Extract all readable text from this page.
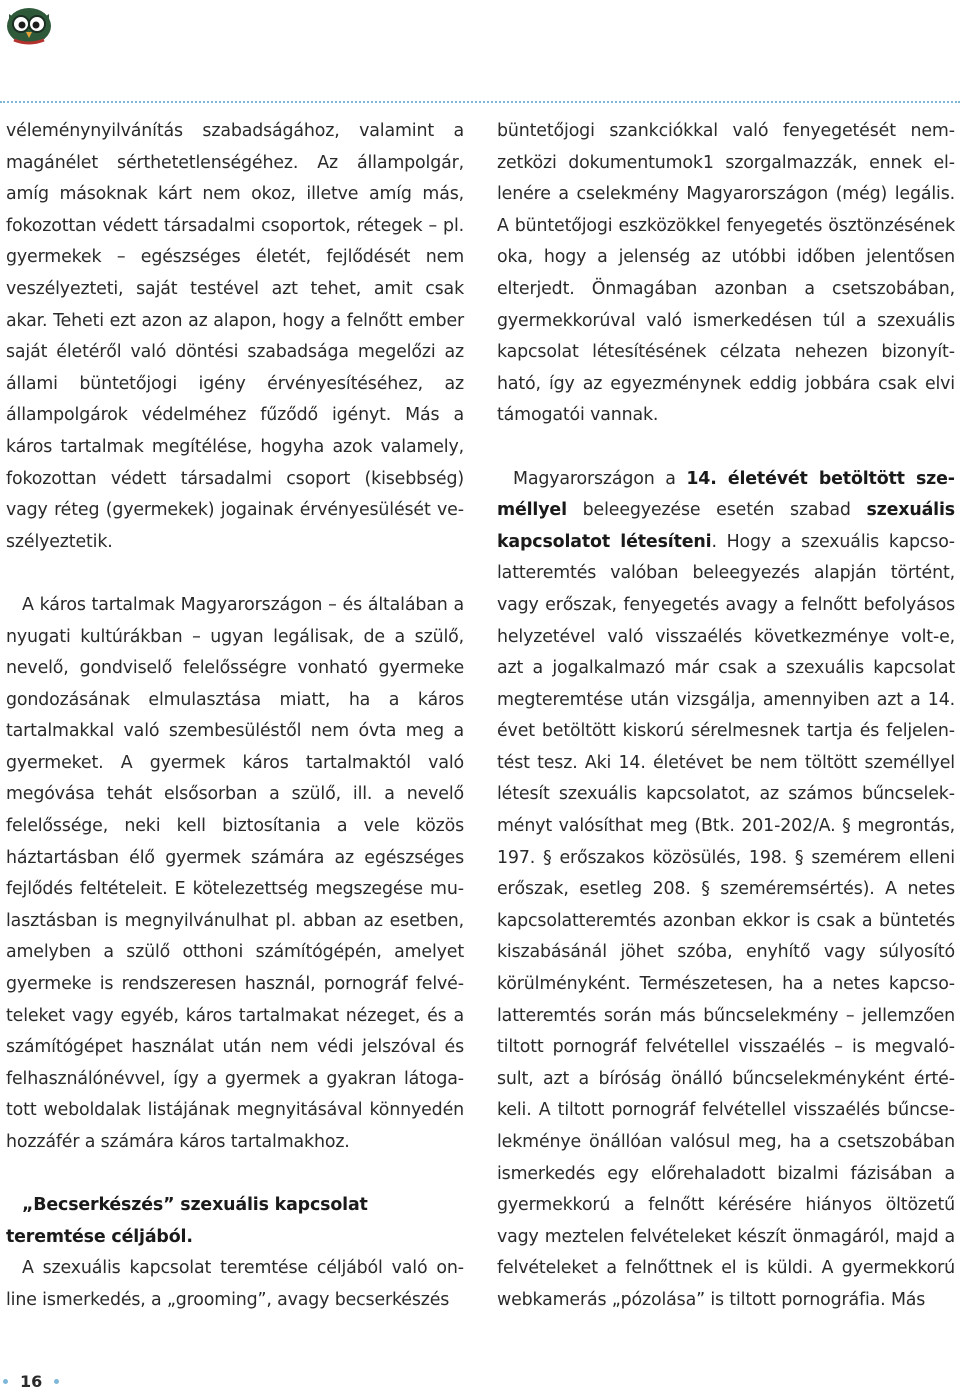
véleménynyilvánítás szabadságához, valamint a magánélet sérthetetlenségéhez. Az állampolgár, amíg másoknak kárt nem okoz, illetve amíg más, fokozottan védett társadalmi csoportok, rétegek – pl. gyermekek – egészséges életét, fejlődését nem veszélyezteti, saját testével azt tehet, amit csak akar. Teheti ezt azon az alapon, hogy a felnőtt ember saját életéről való döntési szabadsága megelőzi az állami büntetőjogi igény érvényesítéséhez, az állampolgárok védelméhez fűződő igényt. Más a káros tartalmak megítélése, hogyha azok valamely, fokozottan védett társadalmi csoport (kisebbség) vagy réteg (gyermekek) jogainak érvényesülését veszélyeztetik.

A káros tartalmak Magyarországon – és általában a nyugati kultúrákban – ugyan legálisak, de a szülő, nevelő, gondviselő felelősségre vonható gyermeke gondozásának elmulasztása miatt, ha a káros tartalmakkal való szembesüléstől nem óvta meg a gyermeket. A gyermek káros tartalmaktól való megóvása tehát elsősorban a szülő, ill. a nevelő felelőssége, neki kell biztosítania a vele közös háztartásban élő gyermek számára az egészséges fejlődés feltételeit. E kötelezettség megszegése mulasztásban is megnyilvánulhat pl. abban az esetben, amelyben a szülő otthoni számítógépén, amelyet gyermeke is rendszeresen használ, pornográf felvételeket vagy egyéb, káros tartalmakat nézeget, és a számítógépet használat után nem védi jelszóval és felhasználónévvel, így a gyermek a gyakran látogatott weboldalak listájának megnyitásával könnyedén hozzáfér a számára káros tartalmakhoz.

„Becserkészés” szexuális kapcsolat teremtése céljából.

A szexuális kapcsolat teremtése céljából való online ismerkedés, a „grooming”, avagy becserkészés

büntetőjogi szankciókkal való fenyegetését nemzetközi dokumentumok1 szorgalmazzák, ennek ellenére a cselekmény Magyarországon (még) legális. A büntetőjogi eszközökkel fenyegetés ösztönzésének oka, hogy a jelenség az utóbbi időben jelentősen elterjedt. Önmagában azonban a csetszobában, gyermekkorúval való ismerkedésen túl a szexuális kapcsolat létesítésének célzata nehezen bizonyítható, így az egyezménynek eddig jobbára csak elvi támogatói vannak.

Magyarországon a 14. életévét betöltött személlyel beleegyezése esetén szabad szexuális kapcsolatot létesíteni. Hogy a szexuális kapcsolatteremtés valóban beleegyezés alapján történt, vagy erőszak, fenyegetés avagy a felnőtt befolyásos helyzetével való visszaélés következménye volt-e, azt a jogalkalmazó már csak a szexuális kapcsolat megteremtése után vizsgálja, amennyiben azt a 14. évet betöltött kiskorú sérelmesnek tartja és feljelentést tesz. Aki 14. életévet be nem töltött személlyel létesít szexuális kapcsolatot, az számos bűncselekményt valósíthat meg (Btk. 201-202/A. § megrontás, 197. § erőszakos közösülés, 198. § szemérem elleni erőszak, esetleg 208. § szeméremsértés). A netes kapcsolatteremtés azonban ekkor is csak a büntetés kiszabásánál jöhet szóba, enyhítő vagy súlyosító körülményként. Természetesen, ha a netes kapcsolatteremtés során más bűncselekmény – jellemzően tiltott pornográf felvétellel visszaélés – is megvalósult, azt a bíróság önálló bűncselekményként értékeli. A tiltott pornográf felvétellel visszaélés bűncselekménye önállóan valósul meg, ha a csetszobában ismerkedés egy előrehaladott bizalmi fázisában a gyermekkorú a felnőtt kérésére hiányos öltözetű vagy meztelen felvételeket készít önmagáról, majd a felvételeket a felnőttnek el is küldi. A gyermekkorú webkamerás „pózolása” is tiltott pornográfia. Más

16
